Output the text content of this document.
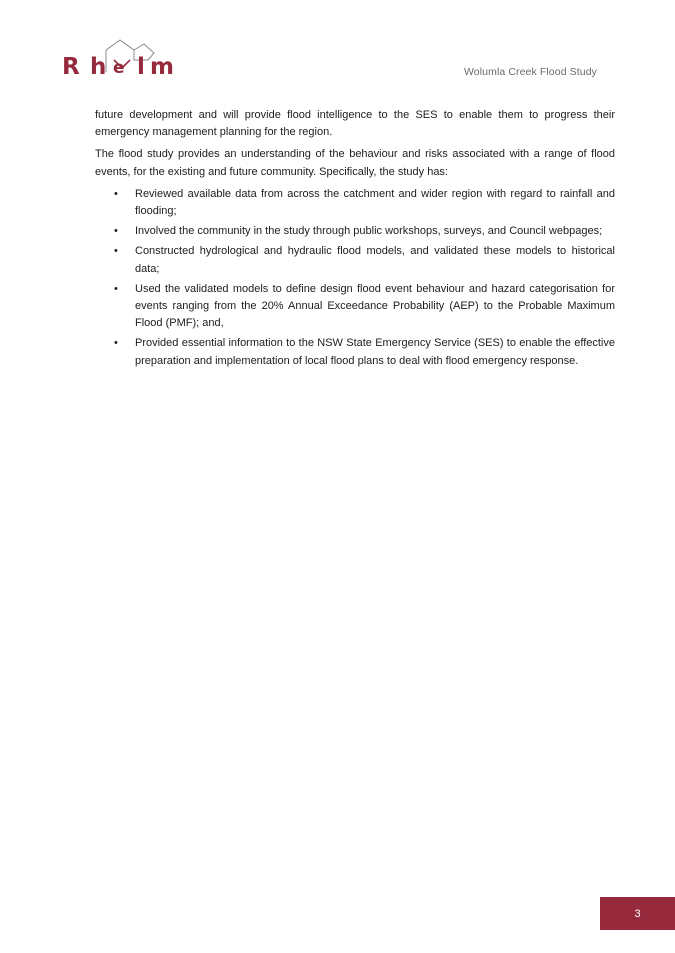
R h e l m	Wolumla Creek Flood Study

future development and will provide flood intelligence to the SES to enable them to progress their emergency management planning for the region.

The flood study provides an understanding of the behaviour and risks associated with a range of flood events, for the existing and future community. Specifically, the study has:

• Reviewed available data from across the catchment and wider region with regard to rainfall and flooding;
• Involved the community in the study through public workshops, surveys, and Council webpages;
• Constructed hydrological and hydraulic flood models, and validated these models to historical data;
• Used the validated models to define design flood event behaviour and hazard categorisation for events ranging from the 20% Annual Exceedance Probability (AEP) to the Probable Maximum Flood (PMF); and,
• Provided essential information to the NSW State Emergency Service (SES) to enable the effective preparation and implementation of local flood plans to deal with flood emergency response.
3
